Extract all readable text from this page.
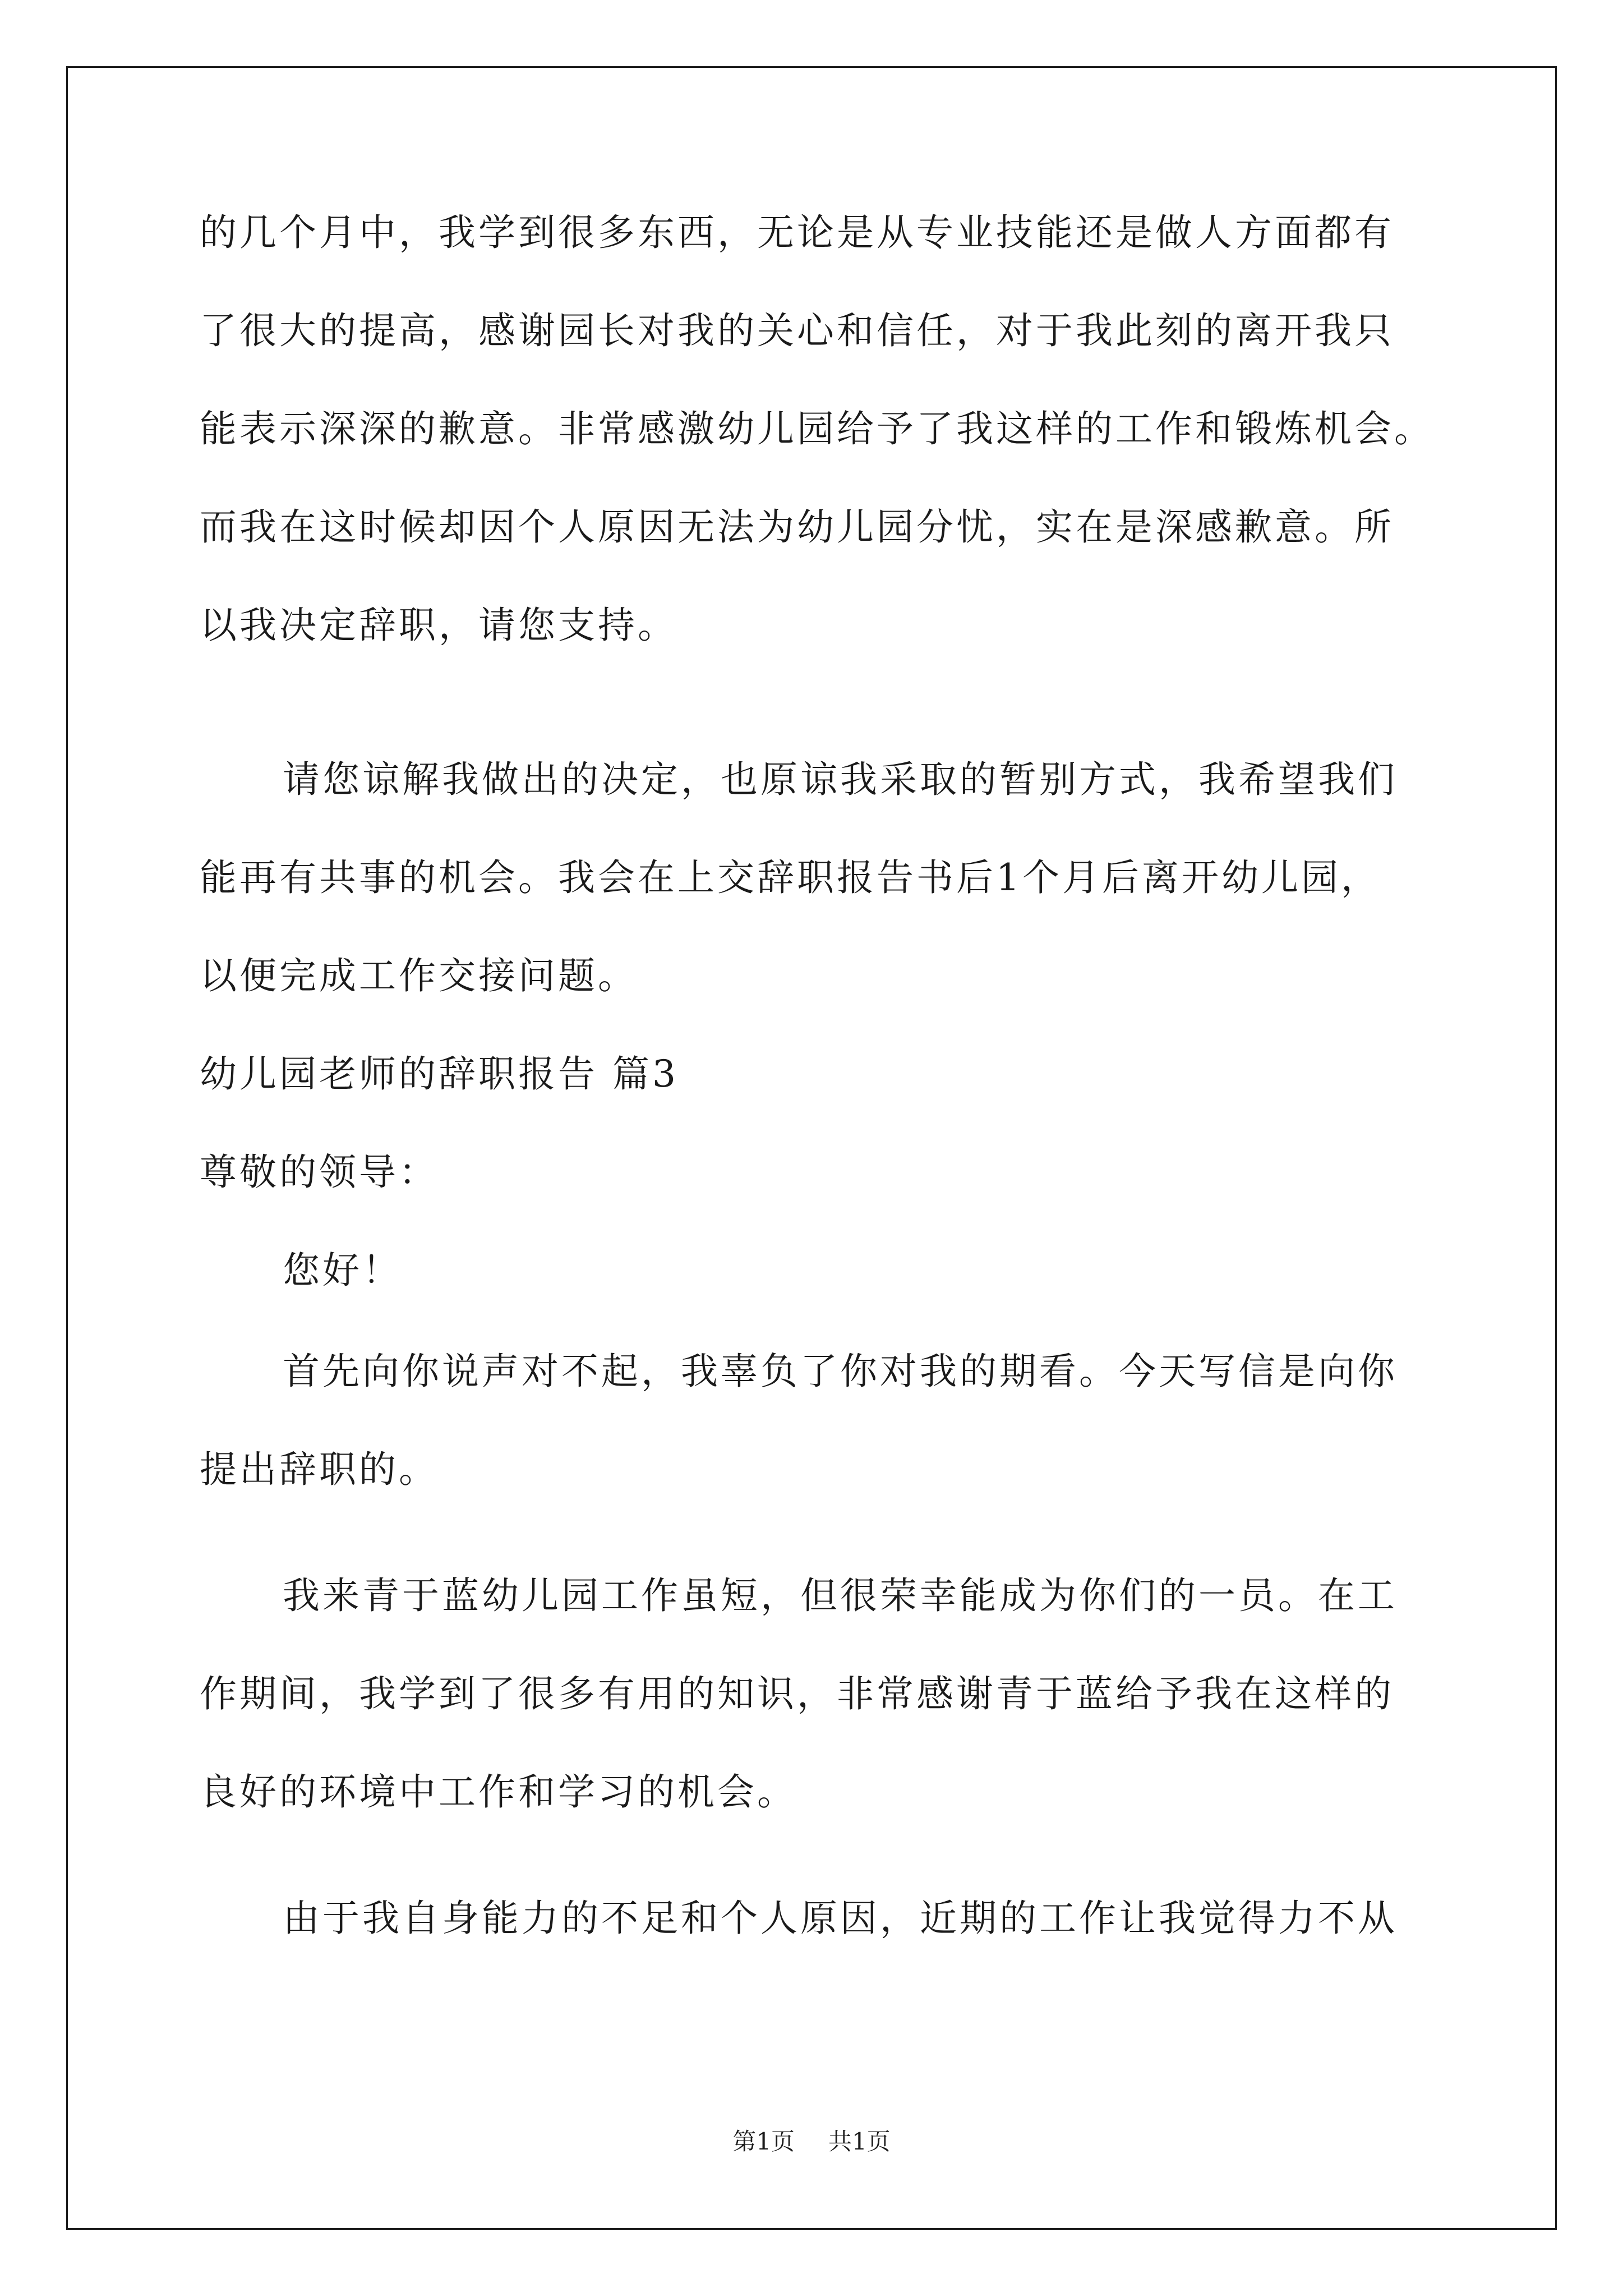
的几个月中，我学到很多东西，无论是从专业技能还是做人方面都有
了很大的提高，感谢园长对我的关心和信任，对于我此刻的离开我只
能表示深深的歉意。非常感激幼儿园给予了我这样的工作和锻炼机会。
而我在这时候却因个人原因无法为幼儿园分忧，实在是深感歉意。所
以我决定辞职，请您支持。
请您谅解我做出的决定，也原谅我采取的暂别方式，我希望我们
能再有共事的机会。我会在上交辞职报告书后1个月后离开幼儿园，
以便完成工作交接问题。
幼儿园老师的辞职报告 篇3
尊敬的领导：
您好！
首先向你说声对不起，我辜负了你对我的期看。今天写信是向你
提出辞职的。
我来青于蓝幼儿园工作虽短，但很荣幸能成为你们的一员。在工
作期间，我学到了很多有用的知识，非常感谢青于蓝给予我在这样的
良好的环境中工作和学习的机会。
由于我自身能力的不足和个人原因，近期的工作让我觉得力不从
第1页 共1页
